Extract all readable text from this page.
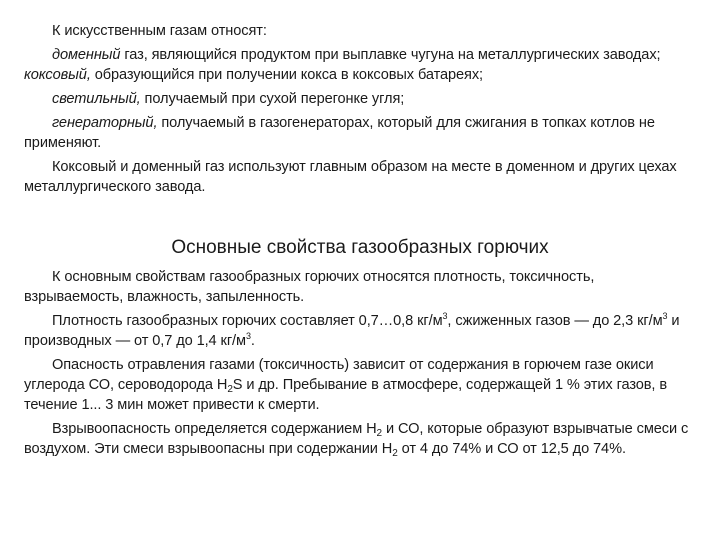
К искусственным газам относят:

доменный газ, являющийся продуктом при выплавке чугуна на металлургических заводах; коксовый, образующийся при получении кокса в коксовых батареях;

светильный, получаемый при сухой перегонке угля;

генераторный, получаемый в газогенераторах, который для сжигания в топках котлов не применяют.

Коксовый и доменный газ используют главным образом на месте в доменном и других цехах металлургического завода.

Основные свойства газообразных горючих

К основным свойствам газообразных горючих относятся плотность, токсичность, взрываемость, влажность, запыленность.

Плотность газообразных горючих составляет 0,7…0,8 $кг/м^3$, сжиженных газов — до 2,3 $кг/м^3$ и производных — от 0,7 до 1,4 $кг/м^3$.

Опасность отравления газами (токсичность) зависит от содержания в горючем газе окиси углерода СО, сероводорода $Н_2S$ и др. Пребывание в атмосфере, содержащей 1 % этих газов, в течение 1... 3 мин может привести к смерти.

Взрывоопасность определяется содержанием $Н_2$ и СО, которые образуют взрывчатые смеси с воздухом. Эти смеси взрывоопасны при содержании $Н_2$ от 4 до 74% и СО от 12,5 до 74%.
